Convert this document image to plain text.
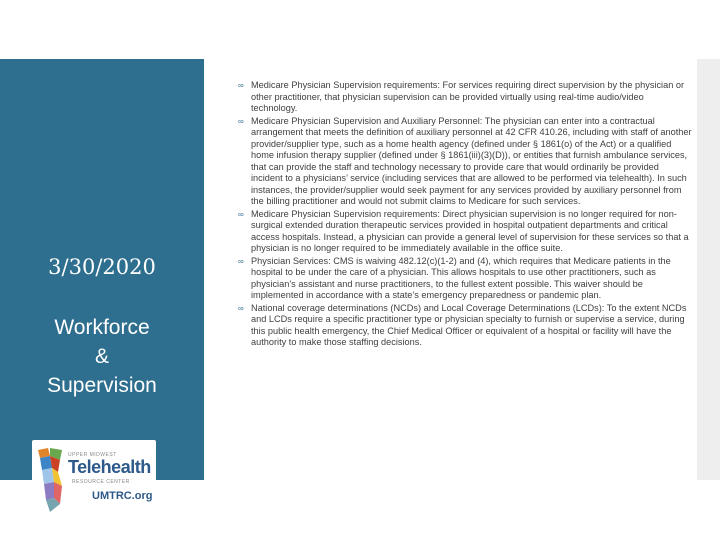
3/30/2020
Workforce
&
Supervision
UPPER MIDWEST
Telehealth
RESOURCE CENTER
UMTRC.org
∞ Medicare Physician Supervision requirements: For services requiring direct supervision by the physician or other practitioner, that physician supervision can be provided virtually using real-time audio/video technology.
∞ Medicare Physician Supervision and Auxiliary Personnel: The physician can enter into a contractual arrangement that meets the definition of auxiliary personnel at 42 CFR 410.26, including with staff of another provider/supplier type, such as a home health agency (defined under § 1861(o) of the Act) or a qualified home infusion therapy supplier (defined under § 1861(iii)(3)(D)), or entities that furnish ambulance services, that can provide the staff and technology necessary to provide care that would ordinarily be provided incident to a physicians’ service (including services that are allowed to be performed via telehealth). In such instances, the provider/supplier would seek payment for any services provided by auxiliary personnel from the billing practitioner and would not submit claims to Medicare for such services.
∞ Medicare Physician Supervision requirements: Direct physician supervision is no longer required for non-surgical extended duration therapeutic services provided in hospital outpatient departments and critical access hospitals. Instead, a physician can provide a general level of supervision for these services so that a physician is no longer required to be immediately available in the office suite.
∞ Physician Services: CMS is waiving 482.12(c)(1-2) and (4), which requires that Medicare patients in the hospital to be under the care of a physician. This allows hospitals to use other practitioners, such as physician’s assistant and nurse practitioners, to the fullest extent possible. This waiver should be implemented in accordance with a state’s emergency preparedness or pandemic plan.
∞ National coverage determinations (NCDs) and Local Coverage Determinations (LCDs): To the extent NCDs and LCDs require a specific practitioner type or physician specialty to furnish or supervise a service, during this public health emergency, the Chief Medical Officer or equivalent of a hospital or facility will have the authority to make those staffing decisions.
